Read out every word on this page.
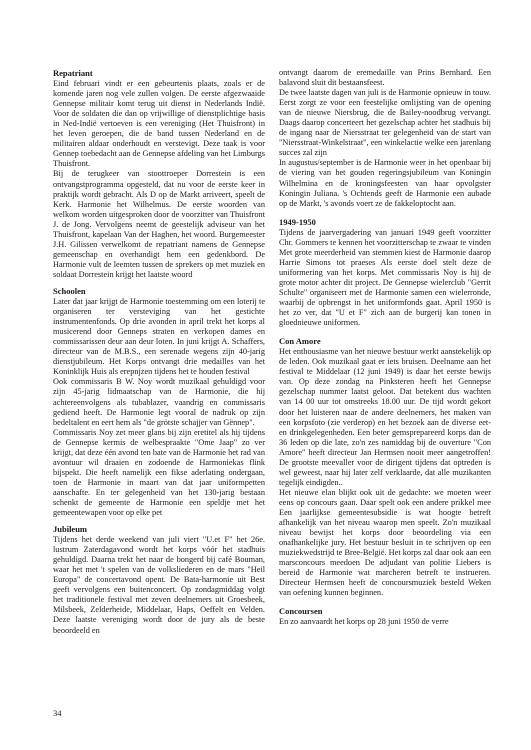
Repatriant

Eind februari vindt er een gebeurtenis plaats, zoals er de komende jaren nog vele zullen volgen. De eerste afgezwaaide Gennepse militair komt terug uit dienst in Nederlands Indië. Voor de soldaten die dan op vrijwillige of dienstplichtige basis in Ned-Indië vertoeven is een vereniging (Het Thuisfront) in het leven geroepen, die de band tussen Nederland en de militairen aldaar onderhoudt en verstevigt. Deze taak is voor Gennep toebedacht aan de Gennepse afdeling van het Limburgs Thuisfront.

Bij de terugkeer van stoottroeper Dorrestein is een ontvangstprogramma opgesteld, dat nu voor de eerste keer in praktijk wordt gebracht. Als D op de Markt arriveert, speelt de Kerk. Harmonie het Wilhelmus. De eerste woorden van welkom worden uitgesproken door de voorzitter van Thuisfront J. de Jong. Vervolgens neemt de geestelijk adviseur van het Thuisfront, kapelaan Van der Haghen, het woord. Burgemeester J.H. Gilissen verwelkomt de repatriant namens de Gennepse gemeenschap en overhandigt hem een gedenkbord. De Harmonie vult de leemten tussen de sprekers op met muziek en soldaat Dorrestein krijgt het laatste woord

Schoolen

Later dat jaar krijgt de Harmonie toestemming om een loterij te organiseren ter versteviging van het gestichte instrumentenfonds. Op drie avonden in april trekt het korps al musicerend door Genneps straten en verkopen dames en commissarissen deur aan deur loten. In juni krijgt A. Schaffers, directeur van de M.B.S., een serenade wegens zijn 40-jarig dienstjubileum. Het Korps ontvangt drie medailles van het Koninklijk Huis als erepnjzen tijdens het te houden festival

Ook commissaris B W. Noy wordt muzikaal gehuldigd voor zijn 45-jarig lidmaatschap van de Harmonie, die hij achtereenvolgens als tubablazer, vaandrig en commissaris gediend heeft. De Harmonie legt vooral de nadruk op zijn bedeltalent en eert hem als "de grötste schajjer van Gënnep".

Commissaris Noy zet meer glans bij zijn eretitel als hij tijdens de Gennepse kermis de welbespraakte "Ome Jaap" zo ver krijgt, dat deze één avond ten bate van de Harmonie het rad van avontuur wil draaien en zodoende de Harmoniekas flink bijspekt. Die heeft namelijk een fikse aderlating ondergaan, toen de Harmonie in maart van dat jaar uniformpetten aanschafte. En ter gelegenheid van het 130-jarig bestaan schenkt de gemeente de Harmonie een speldje met het gemeentewapen voor op elke pet

Jubileum

Tijdens het derde weekend van juli viert "U.et F" het 26e. lustrum Zaterdagavond wordt het korps vóór het stadhuis gehuldigd. Daarna trekt het naar de bongerd bij café Bouman, waar het met 't spelen van de volksliederen en de mars "Heil Europa" de concertavond opent. De Bata-harmonie uit Best geeft vervolgens een buitenconcert. Op zondagmiddag volgt het traditionele festival met zeven deelnemers uit Groesbeek, Milsbeek, Zelderheide, Middelaar, Haps, Oeffelt en Velden. Deze laatste vereniging wordt door de jury als de beste beoordeeld en

ontvangt daarom de eremedaille van Prins Bernhard. Een balavond sluit dit bestaansfeest.

De twee laatste dagen van juli is de Harmonie opnieuw in touw. Eerst zorgt ze voor een feestelijke omlijsting van de opening van de nieuwe Niersbrug, die de Bailey-noodbrug vervangt. Daags daarop concerteert het gezelschap achter het stadhuis bij de ingang naar de Niersstraat ter gelegenheid van de start van "Niersstraat-Winkelstraat", een winkelactie welke een jarenlang succes zal zijn

In augustus/september is de Harmonie weer in het openbaar bij de viering van het gouden regeringsjubileum van Koningin Wilhelmina en de kroningsfeesten van haar opvolgster Koningin Juliana. 's Ochtends geeft de Harmonie een aubade op de Markt, 's avonds voert ze de fakkeloptocht aan.

1949-1950

Tijdens de jaarvergadering van januari 1949 geeft voorzitter Chr. Gommers te kennen het voorzitterschap te zwaar te vinden Met grote meerderheid van stemmen kiest de Harmonie daarop Harrie Simons tot praeses Als eerste doel stelt deze de uniformering van het korps. Met commissaris Noy is hij de grote motor achter dit project. De Gennepse wielerclub "Gerrit Schulte" organiseert met de Harmonie samen een wielerronde, waarbij de opbrengst in het uniformfonds gaat. April 1950 is het zo ver, dat "U et F" zich aan de burgerij kan tonen in gloednieuwe uniformen.

Con Amore

Het enthousiasme van het nieuwe bestuur werkt aanstekelijk op de leden. Ook muzikaal gaat er iets bruisen. Deelname aan het festival te Middelaar (12 juni 1949) is daar het eerste bewijs van. Op deze zondag na Pinksteren heeft het Gennepse gezelschap nummer laatst geloot. Dat betekent dus wachten van 14 00 uur tot omstreeks 18.00 uur. De tijd wordt gekort door het luisteren naar de andere deelnemers, het maken van een korpsfoto (zie verderop) en het bezoek aan de diverse eet- en drinkgelegenheden. Een beter gemsprepareerd korps dan de 36 leden op die late, zo'n zes namiddag bij de ouverture "Con Amore" heeft directeur Jan Hermsen nooit meer aangetroffen! De grootste meevaller voor de dirigent tijdens dat optreden is wel geweest, naar hij later zelf verklaarde, dat alle muzikanten tegelijk eindigden..

Het nieuwe elan blijkt ook uit de gedachte: we moeten weer eens op concours gaan. Daar spelt ook een andere prikkel mee Een jaarlijkse gemeentesubsidie is wat hoogte betreft afhankelijk van het niveau waarop men speelt. Zo'n muzikaal niveau bewijst het korps door beoordeling via een onafhankelijke jury. Het bestuur besluit in te schrijven op een muziekwedstrijd te Bree-België. Het korps zal daar ook aan een marsconcours meedoen De adjudant van politie Liebers is bereid de Harmonie wat marcheren betreft te instrueren. Directeur Hermsen heeft de concoursmuziek besteld Weken van oefening kunnen beginnen.

Concoursen

En zo aanvaardt het korps op 28 juni 1950 de verre

34
